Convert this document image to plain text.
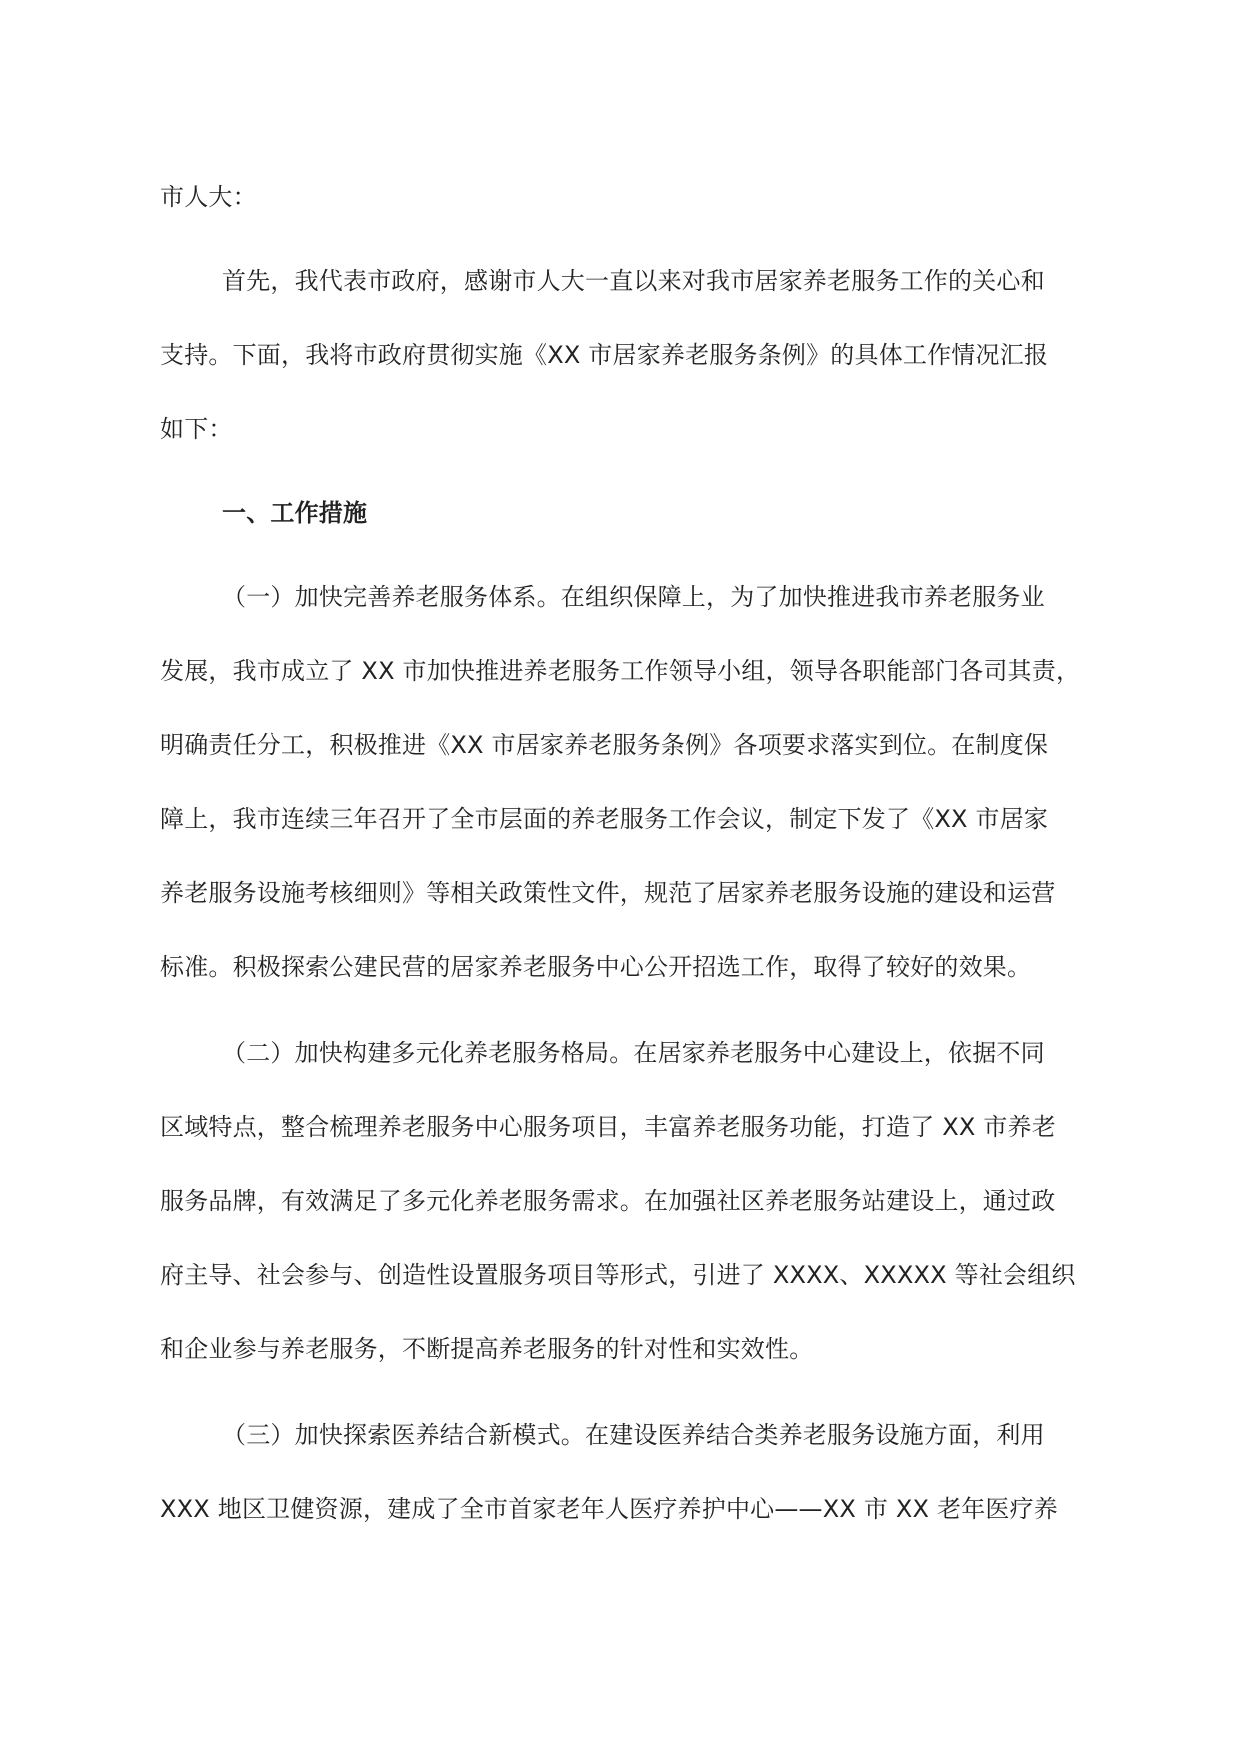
市人大：
首先，我代表市政府，感谢市人大一直以来对我市居家养老服务工作的关心和
支持。下面，我将市政府贯彻实施《XX 市居家养老服务条例》的具体工作情况汇报
如下：
一、工作措施
（一）加快完善养老服务体系。在组织保障上，为了加快推进我市养老服务业
发展，我市成立了 XX 市加快推进养老服务工作领导小组，领导各职能部门各司其责，
明确责任分工，积极推进《XX 市居家养老服务条例》各项要求落实到位。在制度保
障上，我市连续三年召开了全市层面的养老服务工作会议，制定下发了《XX 市居家
养老服务设施考核细则》等相关政策性文件，规范了居家养老服务设施的建设和运营
标准。积极探索公建民营的居家养老服务中心公开招选工作，取得了较好的效果。
（二）加快构建多元化养老服务格局。在居家养老服务中心建设上，依据不同
区域特点，整合梳理养老服务中心服务项目，丰富养老服务功能，打造了 XX 市养老
服务品牌，有效满足了多元化养老服务需求。在加强社区养老服务站建设上，通过政
府主导、社会参与、创造性设置服务项目等形式，引进了 XXXX、XXXXX 等社会组织
和企业参与养老服务，不断提高养老服务的针对性和实效性。
（三）加快探索医养结合新模式。在建设医养结合类养老服务设施方面，利用
XXX 地区卫健资源，建成了全市首家老年人医疗养护中心——XX 市 XX 老年医疗养
